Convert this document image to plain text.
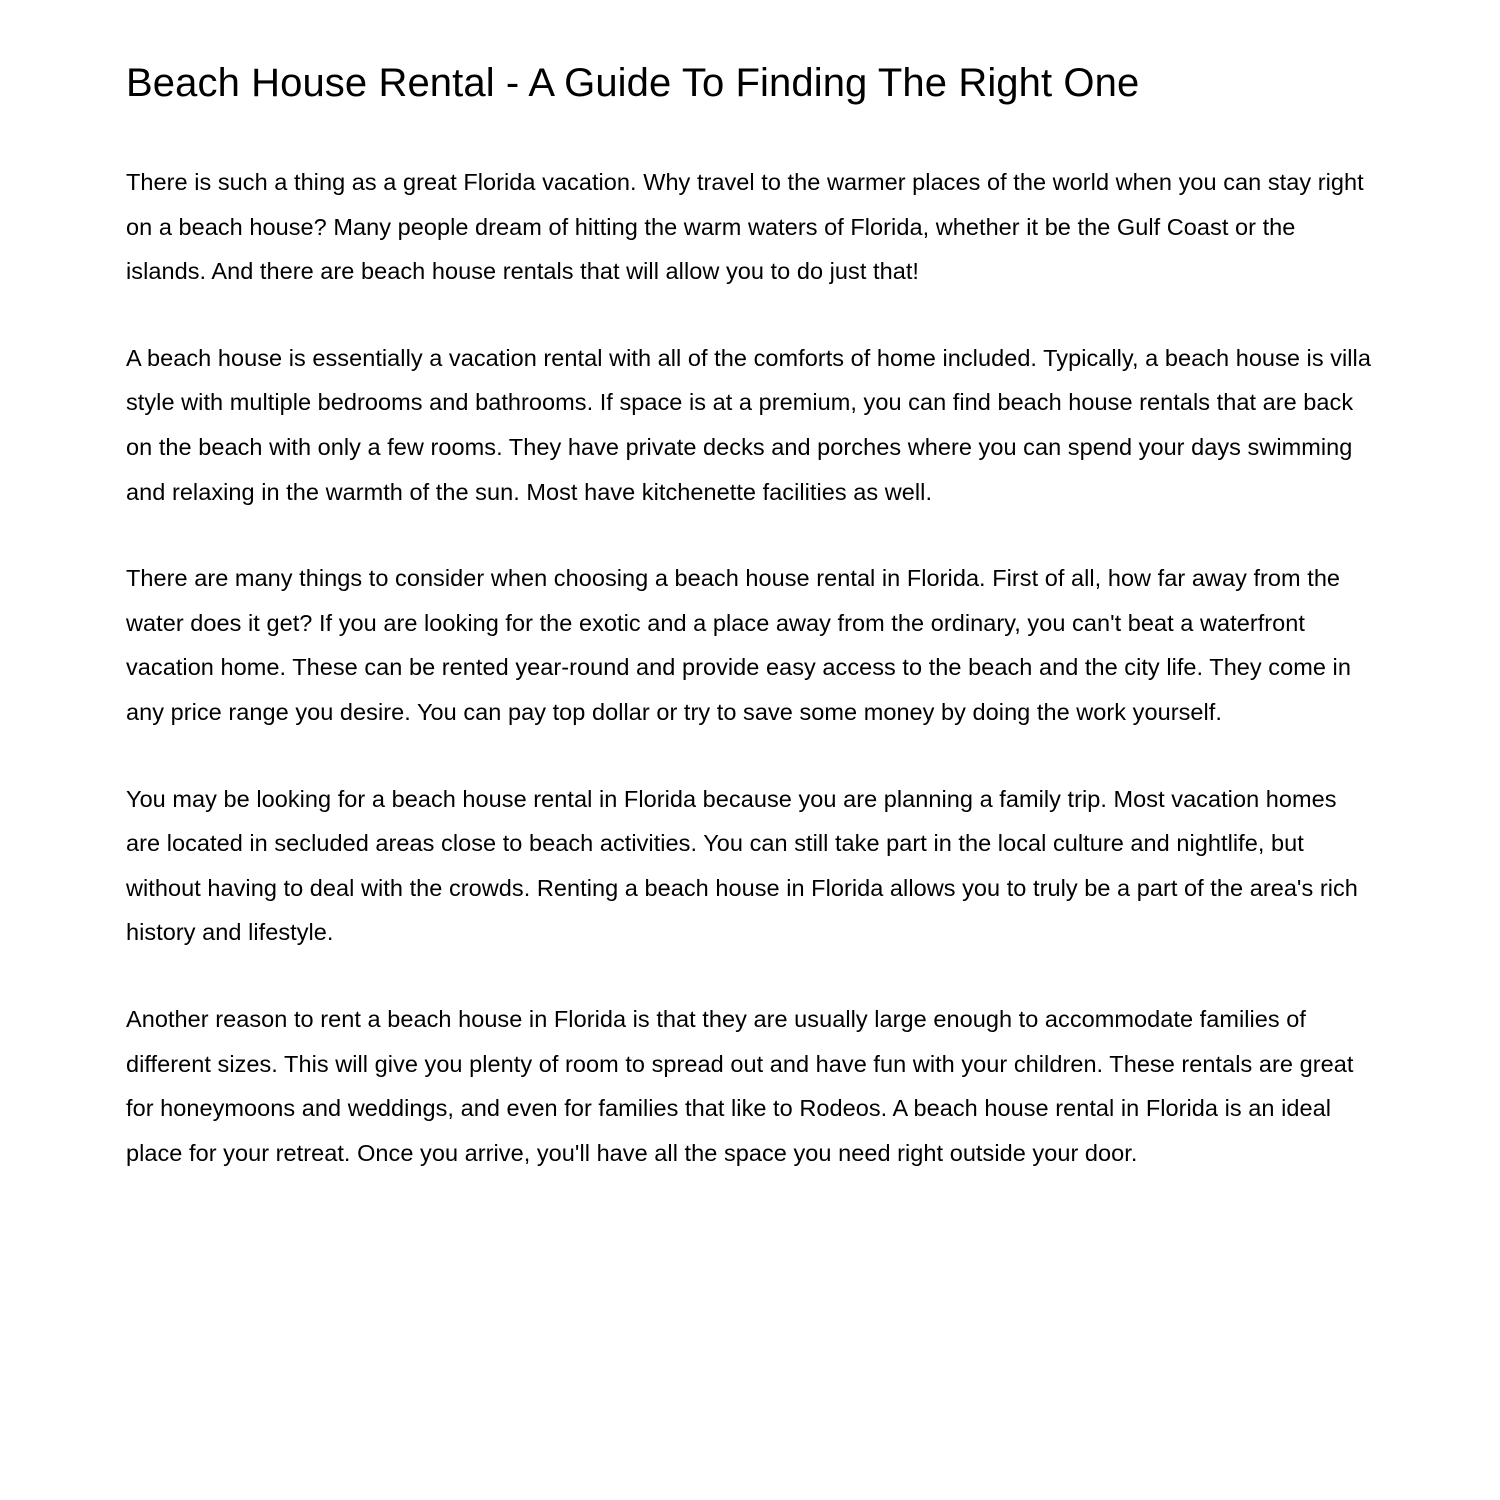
Beach House Rental - A Guide To Finding The Right One

There is such a thing as a great Florida vacation. Why travel to the warmer places of the world when you can stay right on a beach house? Many people dream of hitting the warm waters of Florida, whether it be the Gulf Coast or the islands. And there are beach house rentals that will allow you to do just that!

A beach house is essentially a vacation rental with all of the comforts of home included. Typically, a beach house is villa style with multiple bedrooms and bathrooms. If space is at a premium, you can find beach house rentals that are back on the beach with only a few rooms. They have private decks and porches where you can spend your days swimming and relaxing in the warmth of the sun. Most have kitchenette facilities as well.

There are many things to consider when choosing a beach house rental in Florida. First of all, how far away from the water does it get? If you are looking for the exotic and a place away from the ordinary, you can't beat a waterfront vacation home. These can be rented year-round and provide easy access to the beach and the city life. They come in any price range you desire. You can pay top dollar or try to save some money by doing the work yourself.

You may be looking for a beach house rental in Florida because you are planning a family trip. Most vacation homes are located in secluded areas close to beach activities. You can still take part in the local culture and nightlife, but without having to deal with the crowds. Renting a beach house in Florida allows you to truly be a part of the area's rich history and lifestyle.

Another reason to rent a beach house in Florida is that they are usually large enough to accommodate families of different sizes. This will give you plenty of room to spread out and have fun with your children. These rentals are great for honeymoons and weddings, and even for families that like to Rodeos. A beach house rental in Florida is an ideal place for your retreat. Once you arrive, you'll have all the space you need right outside your door.
